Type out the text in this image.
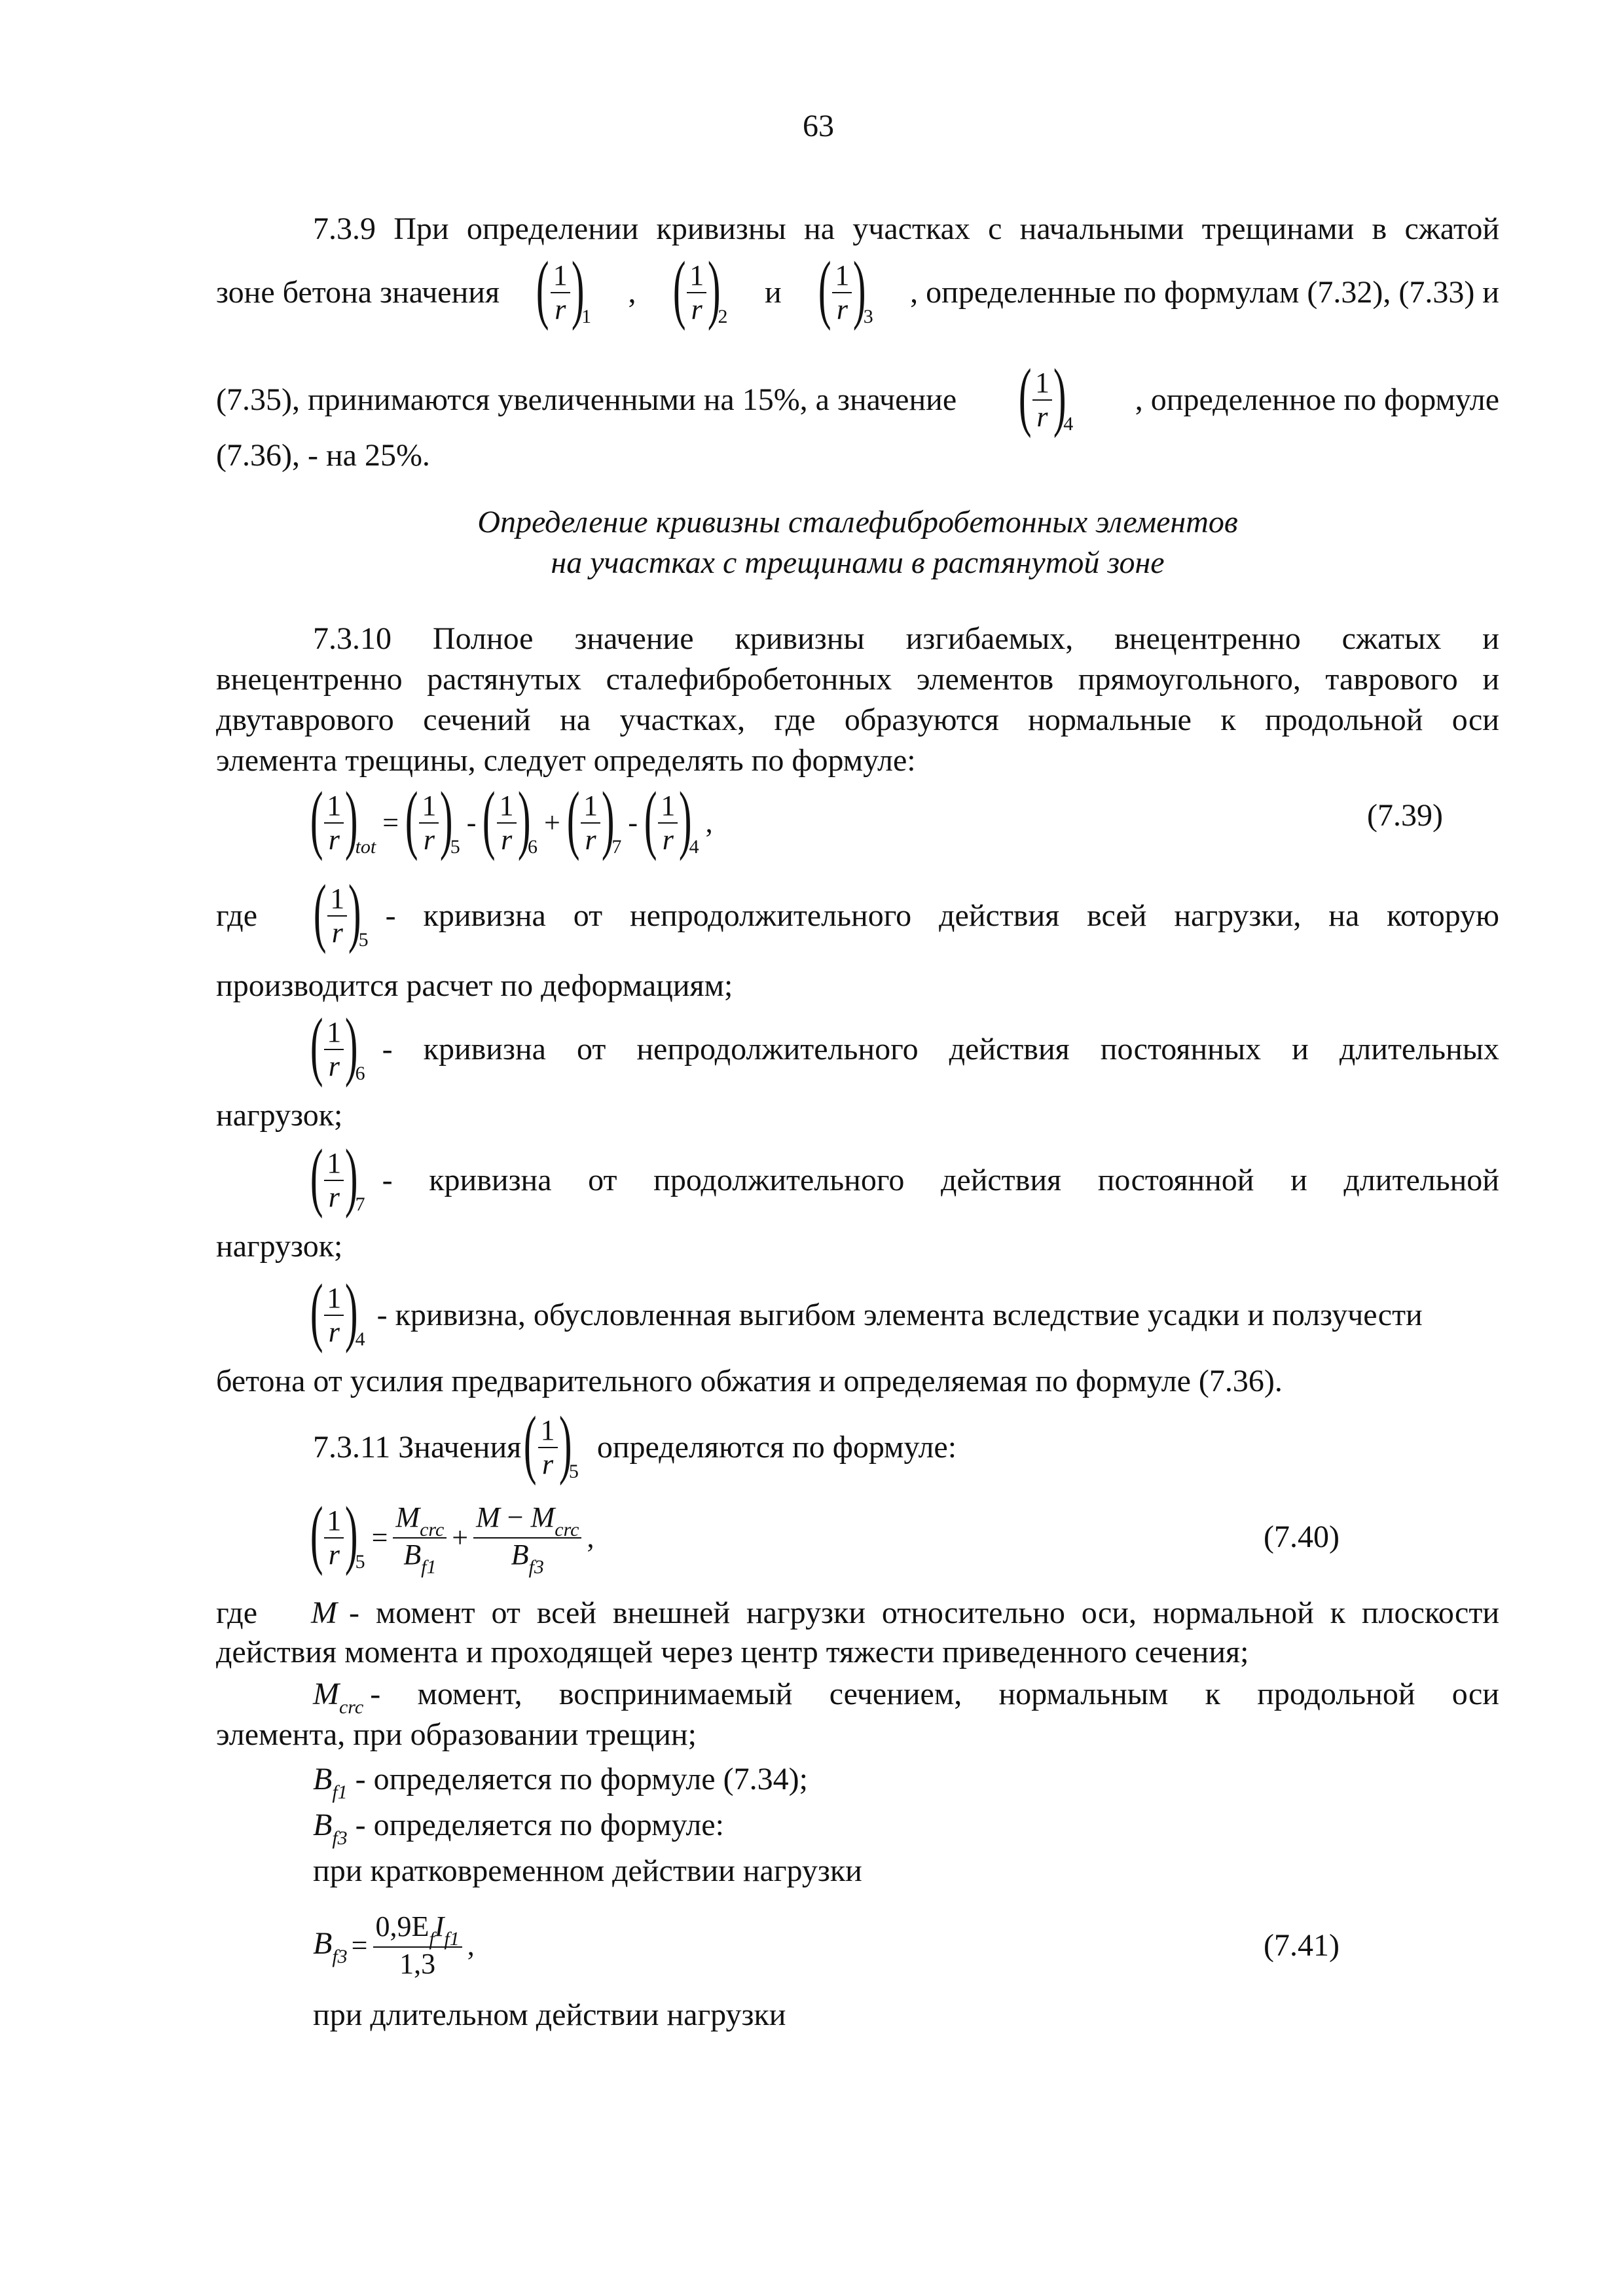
63
7.3.9 При определении кривизны на участках с начальными трещинами в сжатой
зоне бетона значения ( $\frac{1}{r}$ )
1
, ( $\frac{1}{r}$ )
2
и ( $\frac{1}{r}$ )
3
, определенные по формулам (7.32), (7.33) и
(7.35), принимаются увеличенными на 15%, а значение ( $\frac{1}{r}$ )
4
, определенное по формуле
(7.36), - на 25%.
Определение кривизны сталефибробетонных элементов
на участках с трещинами в растянутой зоне
7.3.10 Полное значение кривизны изгибаемых, внецентренно сжатых и
внецентренно растянутых сталефибробетонных элементов прямоугольного, таврового и
двутаврового сечений на участках, где образуются нормальные к продольной оси
элемента трещины, следует определять по формуле:
( $\frac{1}{r}$ )
tot
= ( $\frac{1}{r}$ )
5
- ( $\frac{1}{r}$ )
6
+ ( $\frac{1}{r}$ )
7
- ( $\frac{1}{r}$ )
4
,	(7.39)
где ( $\frac{1}{r}$ )
5
- кривизна от непродолжительного действия всей нагрузки, на которую
производится расчет по деформациям;
( $\frac{1}{r}$ )
6
- кривизна от непродолжительного действия постоянных и длительных
нагрузок;
( $\frac{1}{r}$ )
7
- кривизна от продолжительного действия постоянной и длительной
нагрузок;
( $\frac{1}{r}$ )
4
- кривизна, обусловленная выгибом элемента вследствие усадки и ползучести
бетона от усилия предварительного обжатия и определяемая по формуле (7.36).
7.3.11 Значения ( $\frac{1}{r}$ )
5
определяются по формуле:
( $\frac{1}{r}$ )
5
= $\frac{M_{crc}}{B_{f1}} + \frac{M - M_{crc}}{B_{f3}}$ ,	(7.40)
где	M - момент от всей внешней нагрузки относительно оси, нормальной к плоскости
действия момента и проходящей через центр тяжести приведенного сечения;
$M_{crc}$ - момент, воспринимаемый сечением, нормальным к продольной оси
элемента, при образовании трещин;
$B_{f1}$ - определяется по формуле (7.34);
$B_{f3}$ - определяется по формуле:
при кратковременном действии нагрузки
$B_{f3} = \frac{0,9E_fI_{f1}}{1,3}$ ,	(7.41)
при длительном действии нагрузки
